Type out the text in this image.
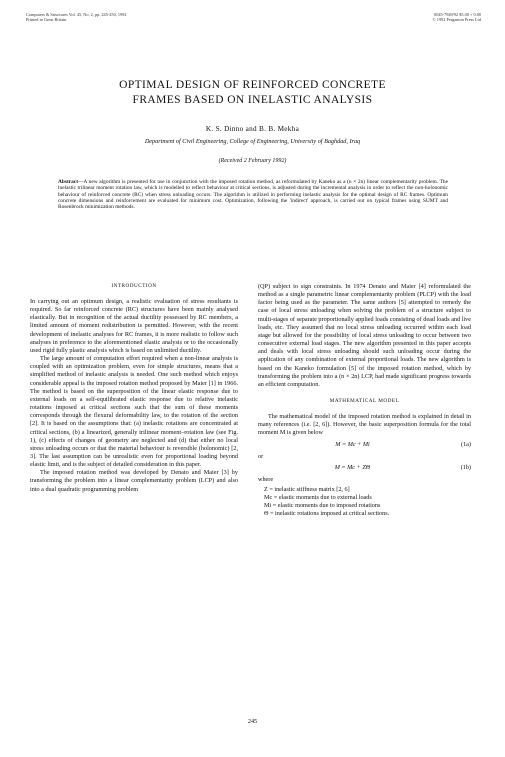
Computers & Structures Vol. 45, No. 2, pp. 245-250, 1992
Printed in Great Britain
0045-7949/92 $5.00 + 0.00
© 1992 Pergamon Press Ltd
OPTIMAL DESIGN OF REINFORCED CONCRETE
FRAMES BASED ON INELASTIC ANALYSIS
K. S. Dinno and B. B. Mekha
Department of Civil Engineering, College of Engineering, University of Baghdad, Iraq
(Received 2 February 1992)
Abstract—A new algorithm is presented for use in conjunction with the imposed rotation method, as reformulated by Kaneko as a (n × 2n) linear complementarity problem. The inelastic trilinear moment rotation law, which is modelled to reflect behaviour at critical sections, is adjusted during the incremental analysis in order to reflect the non-holonomic behaviour of reinforced concrete (RC) when stress unloading occurs. The algorithm is utilized in performing inelastic analysis for the optimal design of RC frames. Optimum concrete dimensions and reinforcement are evaluated for minimum cost. Optimization, following the 'indirect' approach, is carried out on typical frames using SUMT and Rosenbrock minimization methods.
INTRODUCTION

In carrying out an optimum design, a realistic evaluation of stress resultants is required. So far reinforced concrete (RC) structures have been mainly analysed elastically. But in recognition of the actual ductility possessed by RC members, a limited amount of moment redistribution is permitted. However, with the recent development of inelastic analyses for RC frames, it is more realistic to follow such analyses in preference to the aforementioned elastic analysis or to the occasionally used rigid fully plastic analysis which is based on unlimited ductility.

The large amount of computation effort required when a non-linear analysis is coupled with an optimization problem, even for simple structures, means that a simplified method of inelastic analysis is needed. One such method which enjoys considerable appeal is the imposed rotation method proposed by Maier [1] in 1966. The method is based on the superposition of the linear elastic response due to external loads on a self-equilibrated elastic response due to relative inelastic rotations imposed at critical sections such that the sum of these moments corresponds through the flexural deformability law, to the rotation of the section [2]. It is based on the assumptions that: (a) inelastic rotations are concentrated at critical sections, (b) a linearized, generally trilinear moment–rotation law (see Fig. 1), (c) effects of changes of geometry are neglected and (d) that either no local stress unloading occurs or that the material behaviour is reversible (holonomic) [2, 3]. The last assumption can be unrealistic even for proportional loading beyond elastic limit, and is the subject of detailed consideration in this paper.

The imposed rotation method was developed by Denato and Maier [3] by transforming the problem into a linear complementarity problem (LCP) and also into a dual quadratic programming problem

(QP) subject to sign constraints. In 1974 Denato and Maier [4] reformulated the method as a single parametric linear complementarity problem (PLCP) with the load factor being used as the parameter. The same authors [5] attempted to remedy the case of local stress unloading when solving the problem of a structure subject to multi-stages of separate proportionally applied loads consisting of dead loads and live loads, etc. They assumed that no local stress unloading occurred within each load stage but allowed for the possibility of local stress unloading to occur between two consecutive external load stages. The new algorithm presented in this paper accepts and deals with local stress unloading should such unloading occur during the application of any combination of external proportional loads. The new algorithm is based on the Kaneko formulation [5] of the imposed rotation method, which by transforming the problem into a (n × 2n) LCP, had made significant progress towards an efficient computation.

MATHEMATICAL MODEL

The mathematical model of the imposed rotation method is explained in detail in many references (i.e. [2, 6]). However, the basic superposition formula for the total moment M is given below

M = Mc + Mi	(1a)
or
M = Mc + ZΘ	(1b)
where

Z = inelastic stiffness matrix [2, 6]

Mc = elastic moments due to external loads

Mi = elastic moments due to imposed rotations

Θ = inelastic rotations imposed at critical sections.

245
